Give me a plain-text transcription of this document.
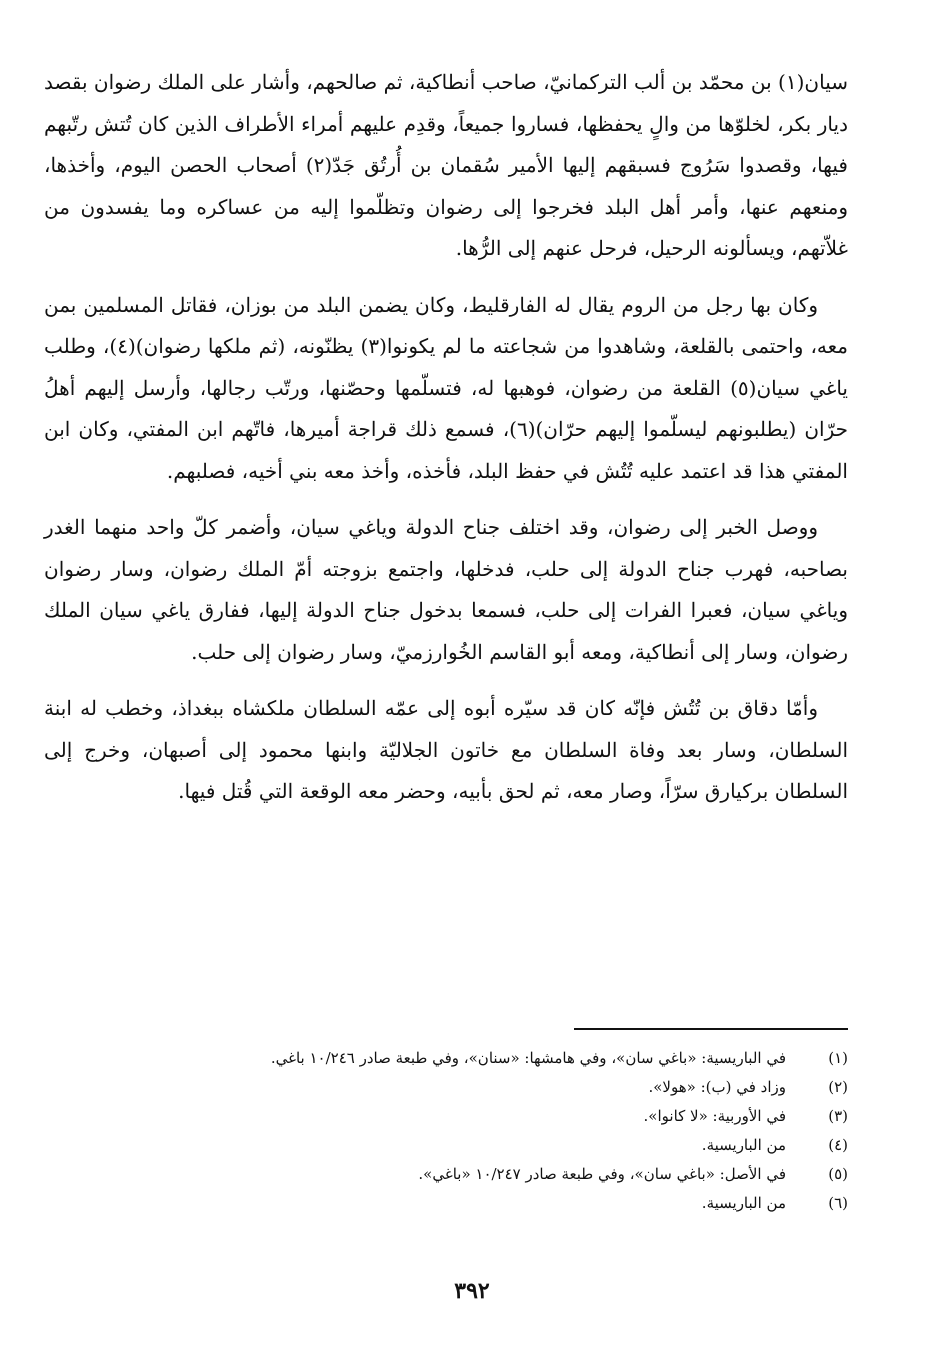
سيان(١) بن محمّد بن ألب التركمانيّ، صاحب أنطاكية، ثم صالحهم، وأشار على الملك رضوان بقصد ديار بكر، لخلوّها من والٍ يحفظها، فساروا جميعاً، وقدِم عليهم أمراء الأطراف الذين كان تُتش رتّبهم فيها، وقصدوا سَرُوج فسبقهم إليها الأمير سُقمان بن أُرتُق جَدّ(٢) أصحاب الحصن اليوم، وأخذها، ومنعهم عنها، وأمر أهل البلد فخرجوا إلى رضوان وتظلّموا إليه من عساكره وما يفسدون من غلاّتهم، ويسألونه الرحيل، فرحل عنهم إلى الرُّها.

وكان بها رجل من الروم يقال له الفارقليط، وكان يضمن البلد من بوزان، فقاتل المسلمين بمن معه، واحتمى بالقلعة، وشاهدوا من شجاعته ما لم يكونوا(٣) يظنّونه، (ثم ملكها رضوان)(٤)، وطلب ياغي سيان(٥) القلعة من رضوان، فوهبها له، فتسلّمها وحصّنها، ورتّب رجالها، وأرسل إليهم أهلُ حرّان (يطلبونهم ليسلّموا إليهم حرّان)(٦)، فسمع ذلك قراجة أميرها، فاتّهم ابن المفتي، وكان ابن المفتي هذا قد اعتمد عليه تُتُش في حفظ البلد، فأخذه، وأخذ معه بني أخيه، فصلبهم.

ووصل الخبر إلى رضوان، وقد اختلف جناح الدولة وياغي سيان، وأضمر كلّ واحد منهما الغدر بصاحبه، فهرب جناح الدولة إلى حلب، فدخلها، واجتمع بزوجته أمّ الملك رضوان، وسار رضوان وياغي سيان، فعبرا الفرات إلى حلب، فسمعا بدخول جناح الدولة إليها، ففارق ياغي سيان الملك رضوان، وسار إلى أنطاكية، ومعه أبو القاسم الخُوارزميّ، وسار رضوان إلى حلب.

وأمّا دقاق بن تُتُش فإنّه كان قد سيّره أبوه إلى عمّه السلطان ملكشاه ببغداذ، وخطب له ابنة السلطان، وسار بعد وفاة السلطان مع خاتون الجلاليّة وابنها محمود إلى أصبهان، وخرج إلى السلطان بركيارق سرّاً، وصار معه، ثم لحق بأبيه، وحضر معه الوقعة التي قُتل فيها.

(١)
في الباريسية: «باغي سان»، وفي هامشها: «سنان»، وفي طبعة صادر ١٠/٢٤٦ باغي.
(٢)
وزاد في (ب): «هولا».
(٣)
في الأوربية: «لا كانوا».
(٤)
من الباريسية.
(٥)
في الأصل: «باغي سان»، وفي طبعة صادر ١٠/٢٤٧ «باغي».
(٦)
من الباريسية.
٣٩٢
